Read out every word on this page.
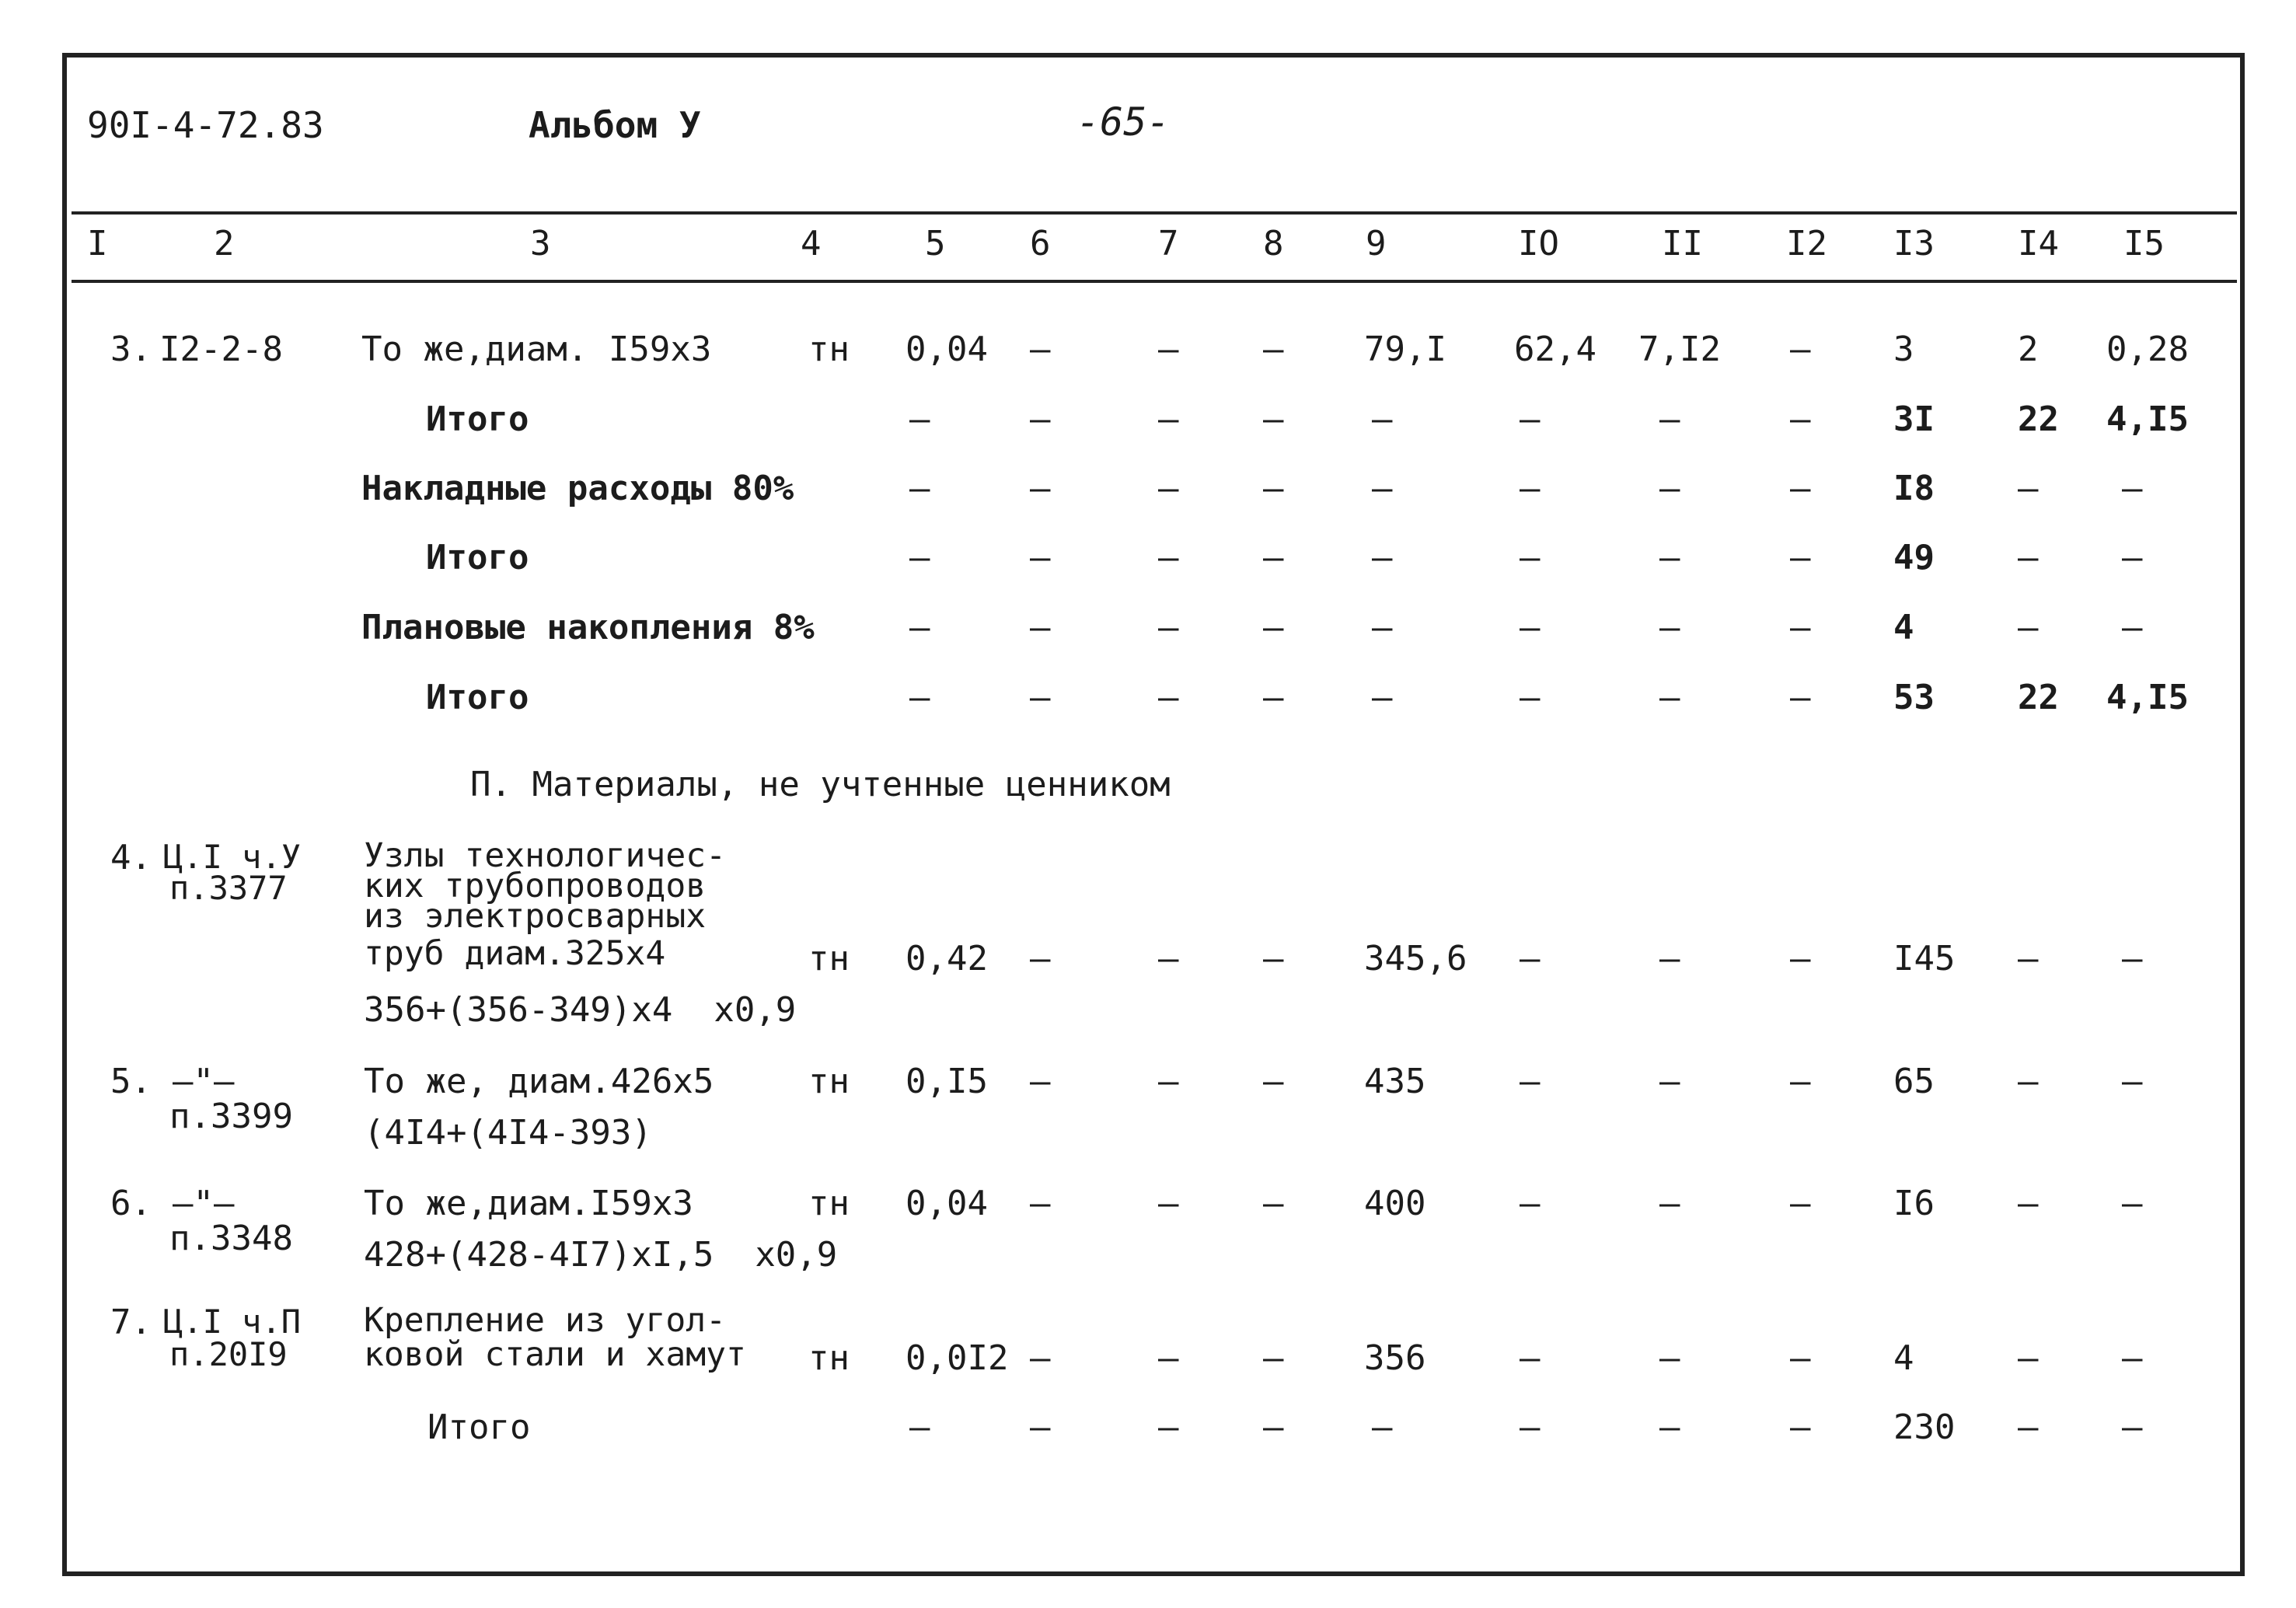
90I-4-72.83	Альбом У	-65-
I	2	3	4	5 6	7 8 9	IO	II I2 I3 I4 I5
3. I2-2-8 То же,диам. I59x3	тн 0,04 –	– – 79,I 62,4 7,I2 – 3	2 0,28
Итого	–	–	– –	–	–	–	– 3I 22 4,I5
Накладные расходы 80%	–	–	– –	–	–	–	– I8 – –
Итого	–	–	– –	–	–	–	– 49 – –
Плановые накопления 8%	–	–	– –	–	–	–	– 4	– –
Итого	–	–	– –	–	–	–	– 53 22 4,I5
П. Материалы, не учтенные ценником
4. Ц.I ч.У
п.3377
Узлы технологичес-
ких трубопроводов
из электросварных
труб диам.325х4
356+(356-349)х4  х0,9
тн 0,42 –	– – 345,6 –	–	– I45 – –
5. –"–
п.3399
То же, диам.426х5
(4I4+(4I4-393)
тн 0,I5 –	– – 435	–	–	– 65 – –
6. –"–
п.3348
То же,диам.I59х3
428+(428-4I7)хI,5  х0,9
тн 0,04 –	– – 400	–	–	– I6 – –
7. Ц.I ч.П
п.20I9
Крепление из угол-
ковой стали и хамут тн 0,0I2 –	– – 356	–	–	– 4	– –
Итого	–	–	– –	–	–	–	– 230 – –
